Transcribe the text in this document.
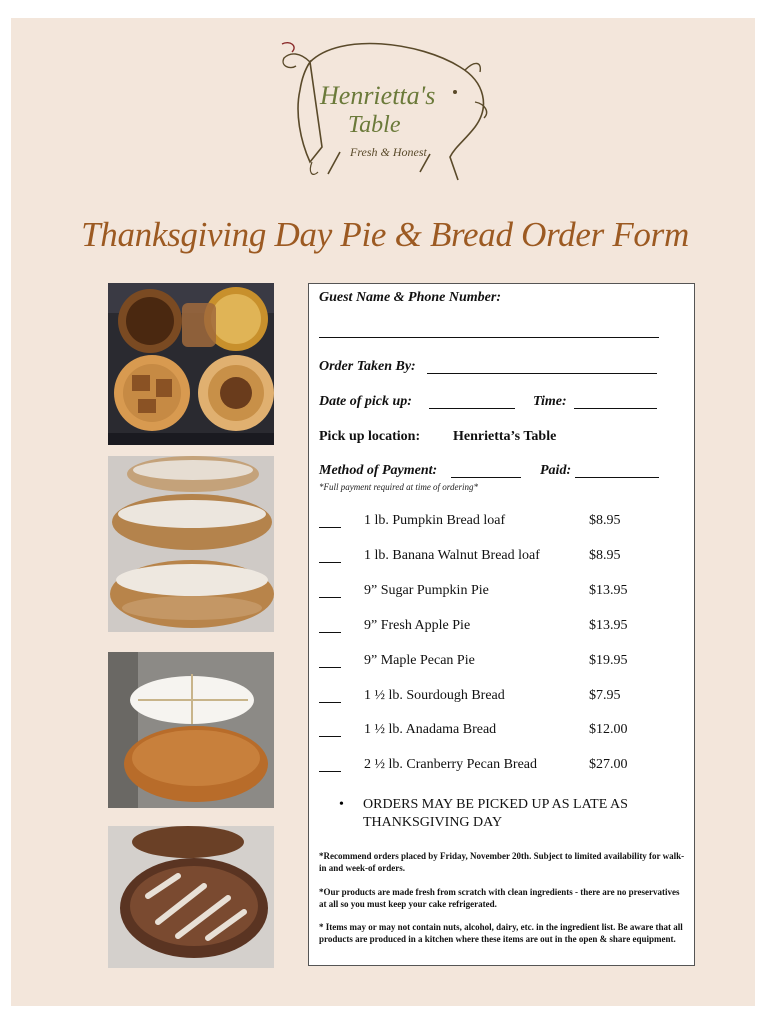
Henrietta's
Table
Fresh & Honest
Thanksgiving Day Pie & Bread Order Form
Guest Name & Phone Number:
Order Taken By:
Date of pick up:	Time:
Pick up location: Henrietta’s Table
Method of Payment:	Paid:
*Full payment required at time of ordering*
1 lb. Pumpkin Bread loaf	$8.95
1 lb. Banana Walnut Bread loaf	$8.95
9” Sugar Pumpkin Pie	$13.95
9” Fresh Apple Pie	$13.95
9” Maple Pecan Pie	$19.95
1 ½ lb. Sourdough Bread	$7.95
1 ½ lb. Anadama Bread	$12.00
2 ½ lb. Cranberry Pecan Bread	$27.00
• ORDERS MAY BE PICKED UP AS LATE AS THANKSGIVING DAY
*Recommend orders placed by Friday, November 20th. Subject to limited availability for walk-in and week-of orders.
*Our products are made fresh from scratch with clean ingredients - there are no preservatives at all so you must keep your cake refrigerated.
* Items may or may not contain nuts, alcohol, dairy, etc. in the ingredient list. Be aware that all products are produced in a kitchen where these items are out in the open & share equipment.
